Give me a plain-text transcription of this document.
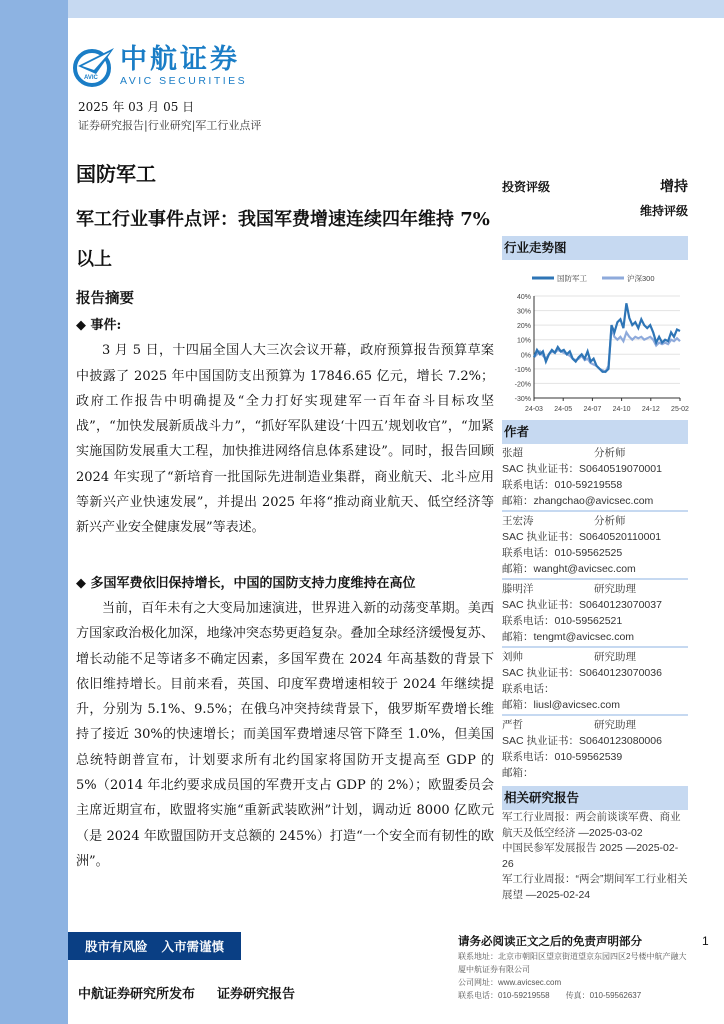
AVIC
中航证券
AVIC SECURITIES
2025 年 03 月 05 日
证券研究报告|行业研究|军工行业点评
国防军工
军工行业事件点评：我国军费增速连续四年维持 7%以上
报告摘要
◆ 事件:
3 月 5 日，十四届全国人大三次会议开幕，政府预算报告预算草案中披露了 2025 年中国国防支出预算为 17846.65 亿元，增长 7.2%；政府工作报告中明确提及“全力打好实现建军一百年奋斗目标攻坚战”，“加快发展新质战斗力”，“抓好军队建设‘十四五’规划收官”，“加紧实施国防发展重大工程，加快推进网络信息体系建设”。同时，报告回顾 2024 年实现了“新培育一批国际先进制造业集群，商业航天、北斗应用等新兴产业快速发展”，并提出 2025 年将“推动商业航天、低空经济等新兴产业安全健康发展”等表述。
◆ 多国军费依旧保持增长，中国的国防支持力度维持在高位
当前，百年未有之大变局加速演进，世界进入新的动荡变革期。美西方国家政治极化加深，地缘冲突态势更趋复杂。叠加全球经济缓慢复苏、增长动能不足等诸多不确定因素，多国军费在 2024 年高基数的背景下依旧维持增长。目前来看，英国、印度军费增速相较于 2024 年继续提升，分别为 5.1%、9.5%；在俄乌冲突持续背景下，俄罗斯军费增长维持了接近 30%的快速增长；而美国军费增速尽管下降至 1.0%，但美国总统特朗普宣布，计划要求所有北约国家将国防开支提高至 GDP 的 5%（2014 年北约要求成员国的军费开支占 GDP 的 2%）；欧盟委员会主席近期宣布，欧盟将实施“重新武装欧洲”计划，调动近 8000 亿欧元（是 2024 年欧盟国防开支总额的 245%）打造“一个安全而有韧性的欧洲”。
投资评级	增持
维持评级
行业走势图
40%
30%
20%
10%
0%
-10%
-20%
-30%
24-03 24-05 24-07 24-10 24-12 25-02
国防军工	沪深300
作者
张超	分析师
SAC 执业证书：S0640519070001
联系电话：010-59219558
邮箱：zhangchao@avicsec.com
王宏涛	分析师
SAC 执业证书：S0640520110001
联系电话：010-59562525
邮箱：wanght@avicsec.com
滕明洋	研究助理
SAC 执业证书：S0640123070037
联系电话：010-59562521
邮箱：tengmt@avicsec.com
刘帅	研究助理
SAC 执业证书：S0640123070036
联系电话：
邮箱：liusl@avicsec.com
严哲	研究助理
SAC 执业证书：S0640123080006
联系电话：010-59562539
邮箱：
相关研究报告
军工行业周报：两会前谈谈军费、商业航天及低空经济 —2025-03-02
中国民参军发展报告 2025 —2025-02-26
军工行业周报：“两会”期间军工行业相关展望 —2025-02-24
股市有风险 入市需谨慎
中航证券研究所发布 证券研究报告
请务必阅读正文之后的免责声明部分
联系地址：北京市朝阳区望京街道望京东园四区2号楼中航产融大厦中航证券有限公司
公司网址：www.avicsec.com
联系电话：010-59219558　　传真：010-59562637
1
